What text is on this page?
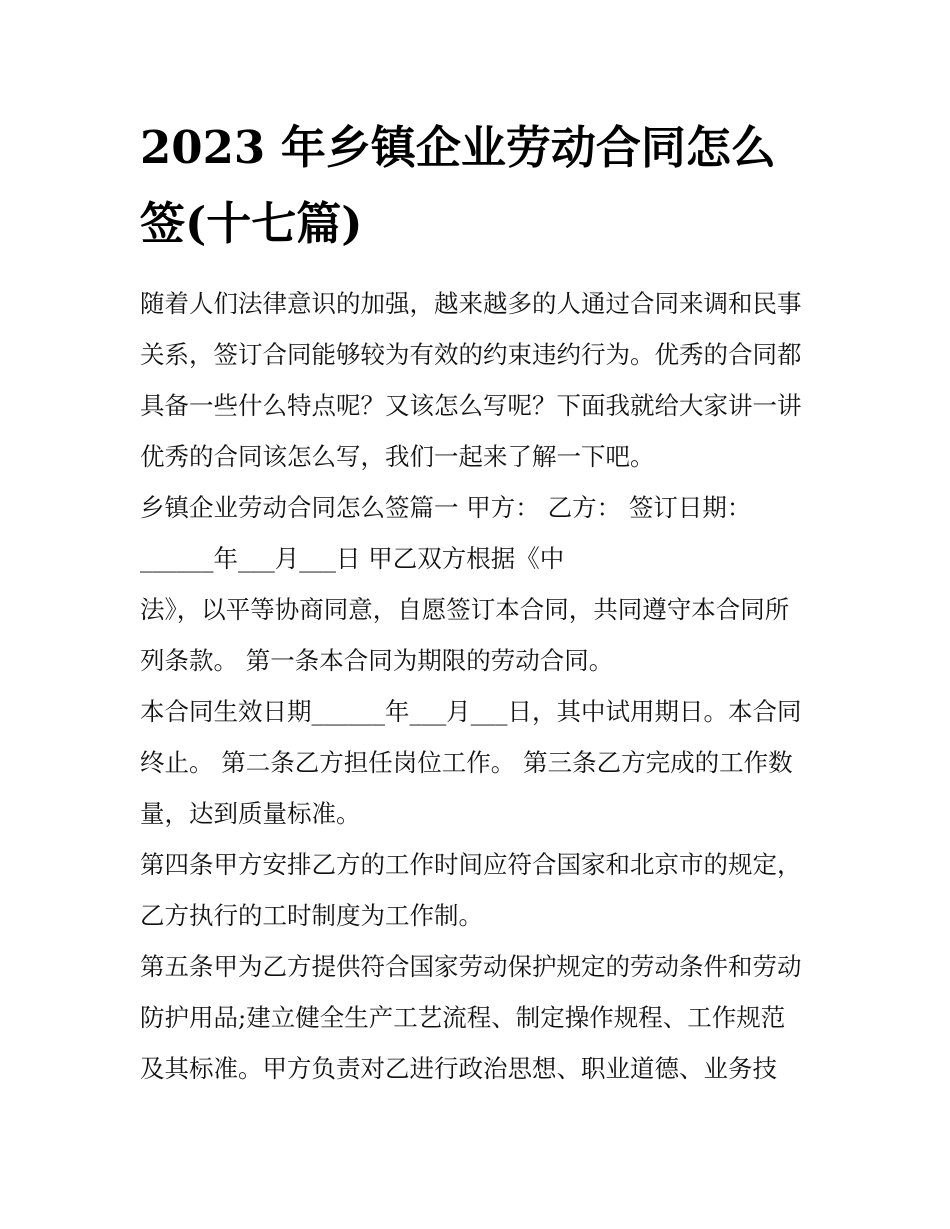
2023 年乡镇企业劳动合同怎么
签(十七篇)
随着人们法律意识的加强，越来越多的人通过合同来调和民事
关系，签订合同能够较为有效的约束违约行为。优秀的合同都
具备一些什么特点呢？又该怎么写呢？下面我就给大家讲一讲
优秀的合同该怎么写，我们一起来了解一下吧。
乡镇企业劳动合同怎么签篇一 甲方： 乙方： 签订日期：
______年___月___日 甲乙双方根据《中
法》，以平等协商同意，自愿签订本合同，共同遵守本合同所
列条款。 第一条本合同为期限的劳动合同。
本合同生效日期______年___月___日，其中试用期日。本合同
终止。 第二条乙方担任岗位工作。 第三条乙方完成的工作数
量，达到质量标准。
第四条甲方安排乙方的工作时间应符合国家和北京市的规定，
乙方执行的工时制度为工作制。
第五条甲为乙方提供符合国家劳动保护规定的劳动条件和劳动
防护用品;建立健全生产工艺流程、制定操作规程、工作规范
及其标准。甲方负责对乙进行政治思想、职业道德、业务技
